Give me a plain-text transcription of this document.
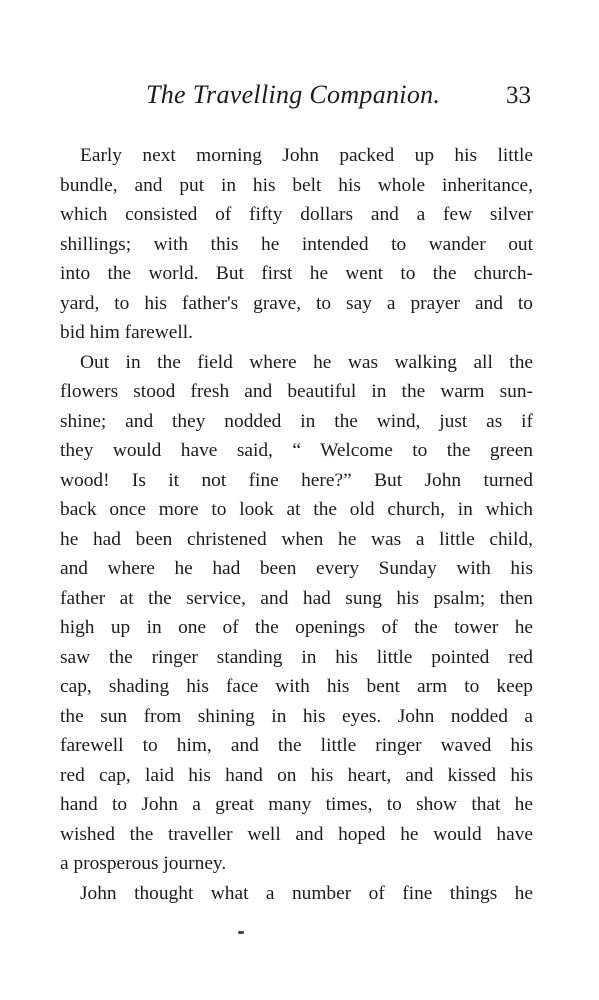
The Travelling Companion.	33
Early next morning John packed up his little
bundle, and put in his belt his whole inheritance,
which consisted of fifty dollars and a few silver
shillings; with this he intended to wander out
into the world. But first he went to the church-
yard, to his father's grave, to say a prayer and to
bid him farewell.
Out in the field where he was walking all the
flowers stood fresh and beautiful in the warm sun-
shine; and they nodded in the wind, just as if
they would have said, “ Welcome to the green
wood! Is it not fine here?” But John turned
back once more to look at the old church, in which
he had been christened when he was a little child,
and where he had been every Sunday with his
father at the service, and had sung his psalm; then
high up in one of the openings of the tower he
saw the ringer standing in his little pointed red
cap, shading his face with his bent arm to keep
the sun from shining in his eyes. John nodded a
farewell to him, and the little ringer waved his
red cap, laid his hand on his heart, and kissed his
hand to John a great many times, to show that he
wished the traveller well and hoped he would have
a prosperous journey.
John thought what a number of fine things he
